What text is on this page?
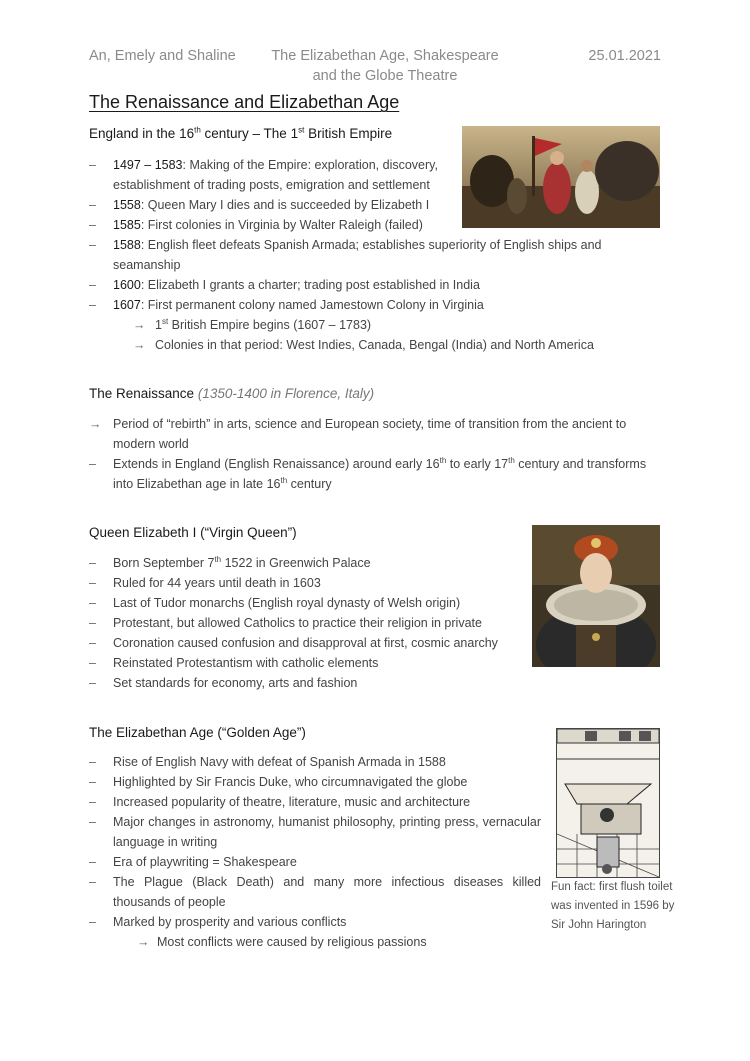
An, Emely and Shaline	The Elizabethan Age, Shakespeare
and the Globe Theatre
25.01.2021
The Renaissance and Elizabethan Age
England in the 16th century – The 1st British Empire
–	1497 – 1583: Making of the Empire: exploration, discovery, establishment of trading posts, emigration and settlement
–	1558: Queen Mary I dies and is succeeded by Elizabeth I
–	1585: First colonies in Virginia by Walter Raleigh (failed)
–	1588: English fleet defeats Spanish Armada; establishes superiority of English ships and seamanship
–	1600: Elizabeth I grants a charter; trading post established in India
–	1607: First permanent colony named Jamestown Colony in Virginia
→ 1st British Empire begins (1607 – 1783)
→ Colonies in that period: West Indies, Canada, Bengal (India) and North America
The Renaissance (1350-1400 in Florence, Italy)
→ Period of “rebirth” in arts, science and European society, time of transition from the ancient to modern world
–	Extends in England (English Renaissance) around early 16th to early 17th century and transforms into Elizabethan age in late 16th century
Queen Elizabeth I (“Virgin Queen”)
–	Born September 7th 1522 in Greenwich Palace
–	Ruled for 44 years until death in 1603
–	Last of Tudor monarchs (English royal dynasty of Welsh origin)
–	Protestant, but allowed Catholics to practice their religion in private
–	Coronation caused confusion and disapproval at first, cosmic anarchy
–	Reinstated Protestantism with catholic elements
–	Set standards for economy, arts and fashion
The Elizabethan Age (“Golden Age”)
–	Rise of English Navy with defeat of Spanish Armada in 1588
–	Highlighted by Sir Francis Duke, who circumnavigated the globe
–	Increased popularity of theatre, literature, music and architecture
–	Major changes in astronomy, humanist philosophy, printing press, vernacular language in writing
–	Era of playwriting = Shakespeare
–	The Plague (Black Death) and many more infectious diseases killed thousands of people
–	Marked by prosperity and various conflicts
→ Most conflicts were caused by religious passions
Fun fact: first flush toilet was invented in 1596 by Sir John Harington
